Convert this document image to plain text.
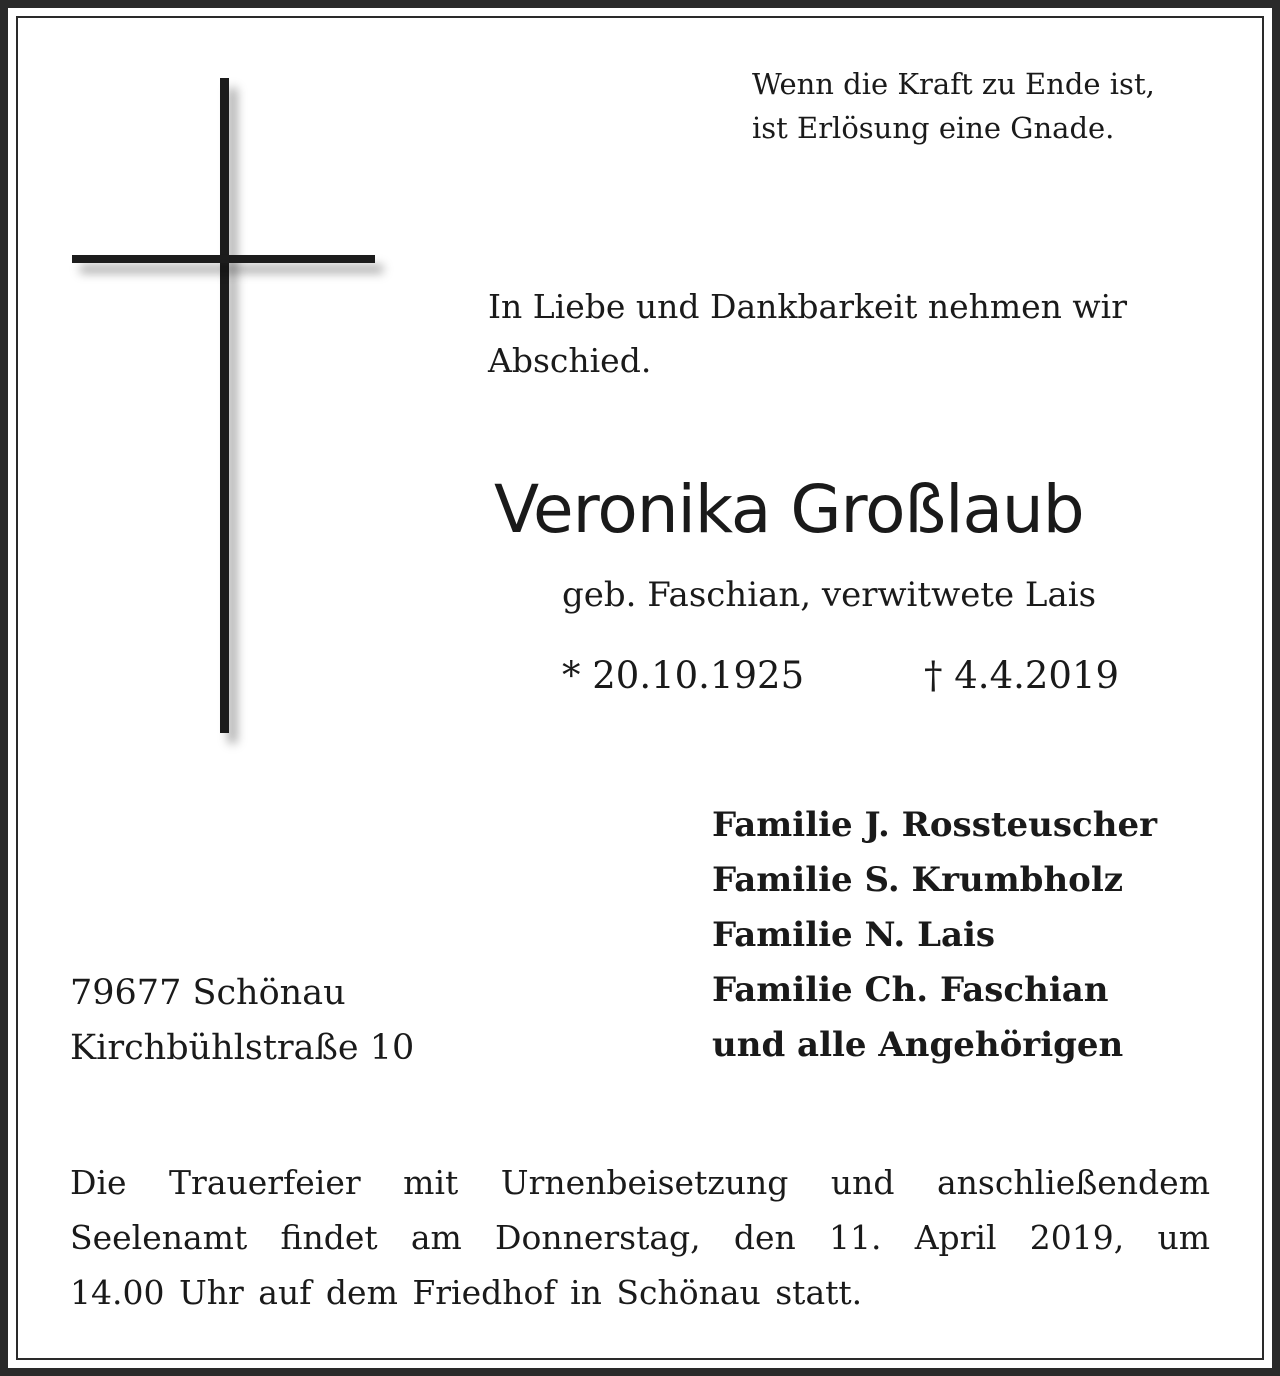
Wenn die Kraft zu Ende ist,
ist Erlösung eine Gnade.
In Liebe und Dankbarkeit nehmen wir
Abschied.
Veronika Großlaub
geb. Faschian, verwitwete Lais
* 20.10.1925	† 4.4.2019
Familie J. Rossteuscher
Familie S. Krumbholz
Familie N. Lais
Familie Ch. Faschian
und alle Angehörigen
79677 Schönau
Kirchbühlstraße 10
Die Trauerfeier mit Urnenbeisetzung und anschließendem
Seelenamt findet am Donnerstag, den 11. April 2019, um
14.00 Uhr auf dem Friedhof in Schönau statt.
